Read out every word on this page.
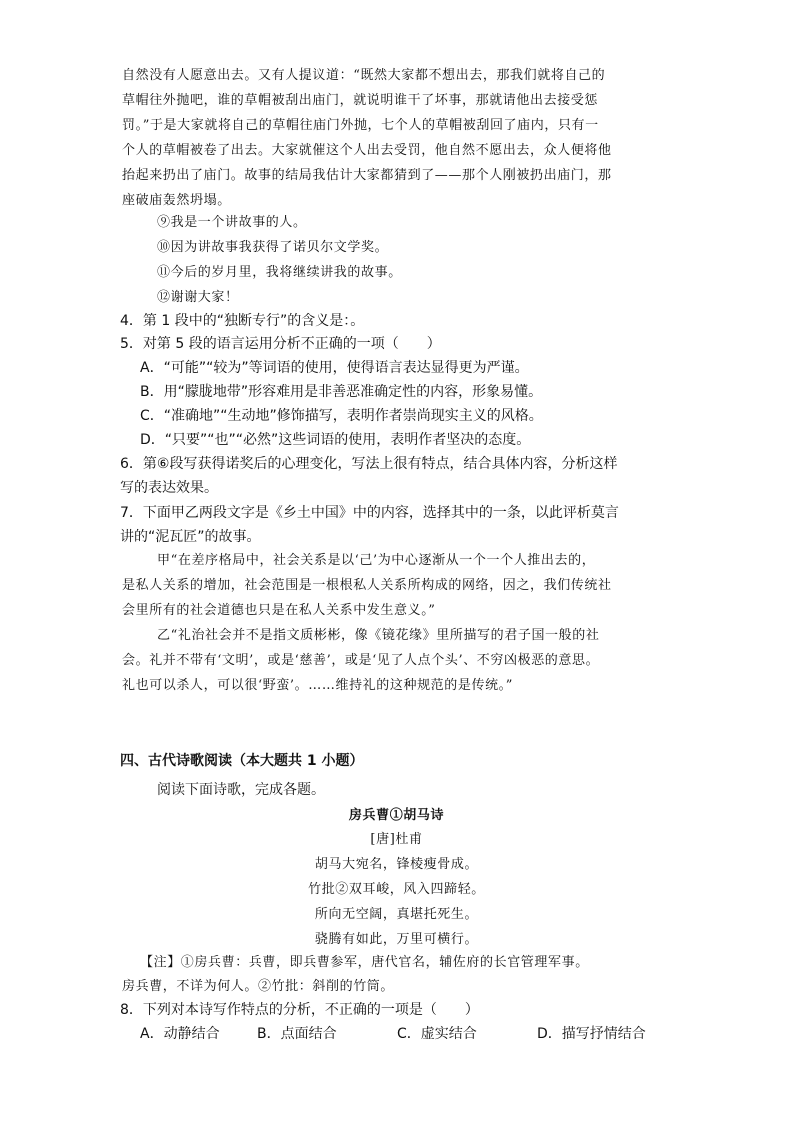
自然没有人愿意出去。又有人提议道：“既然大家都不想出去，那我们就将自己的
草帽往外抛吧，谁的草帽被刮出庙门，就说明谁干了坏事，那就请他出去接受惩
罚。”于是大家就将自己的草帽往庙门外抛，七个人的草帽被刮回了庙内，只有一
个人的草帽被卷了出去。大家就催这个人出去受罚，他自然不愿出去，众人便将他
抬起来扔出了庙门。故事的结局我估计大家都猜到了——那个人刚被扔出庙门，那
座破庙轰然坍塌。
⑨我是一个讲故事的人。
⑩因为讲故事我获得了诺贝尔文学奖。
⑪今后的岁月里，我将继续讲我的故事。
⑫谢谢大家！
4．第 1 段中的“独断专行”的含义是：。
5．对第 5 段的语言运用分析不正确的一项（　　）
A．“可能”“较为”等词语的使用，使得语言表达显得更为严谨。
B．用“朦胧地带”形容难用是非善恶准确定性的内容，形象易懂。
C．“准确地”“生动地”修饰描写，表明作者崇尚现实主义的风格。
D．“只要”“也”“必然”这些词语的使用，表明作者坚决的态度。
6．第⑥段写获得诺奖后的心理变化，写法上很有特点，结合具体内容，分析这样
写的表达效果。
7．下面甲乙两段文字是《乡土中国》中的内容，选择其中的一条，以此评析莫言
讲的“泥瓦匠”的故事。
甲“在差序格局中，社会关系是以‘己’为中心逐渐从一个一个人推出去的，
是私人关系的增加，社会范围是一根根私人关系所构成的网络，因之，我们传统社
会里所有的社会道德也只是在私人关系中发生意义。”
乙“礼治社会并不是指文质彬彬，像《镜花缘》里所描写的君子国一般的社
会。礼并不带有‘文明’，或是‘慈善’，或是‘见了人点个头’、不穷凶极恶的意思。
礼也可以杀人，可以很‘野蛮’。……维持礼的这种规范的是传统。”
四、古代诗歌阅读（本大题共 1 小题）
阅读下面诗歌，完成各题。
房兵曹①胡马诗
[唐]杜甫
胡马大宛名，锋棱瘦骨成。
竹批②双耳峻，风入四蹄轻。
所向无空阔，真堪托死生。
骁腾有如此，万里可横行。
【注】①房兵曹：兵曹，即兵曹参军，唐代官名，辅佐府的长官管理军事。
房兵曹，不详为何人。②竹批：斜削的竹筒。
8．下列对本诗写作特点的分析，不正确的一项是（　　）
A．动静结合	B．点面结合	C．虚实结合	D．描写抒情结合
